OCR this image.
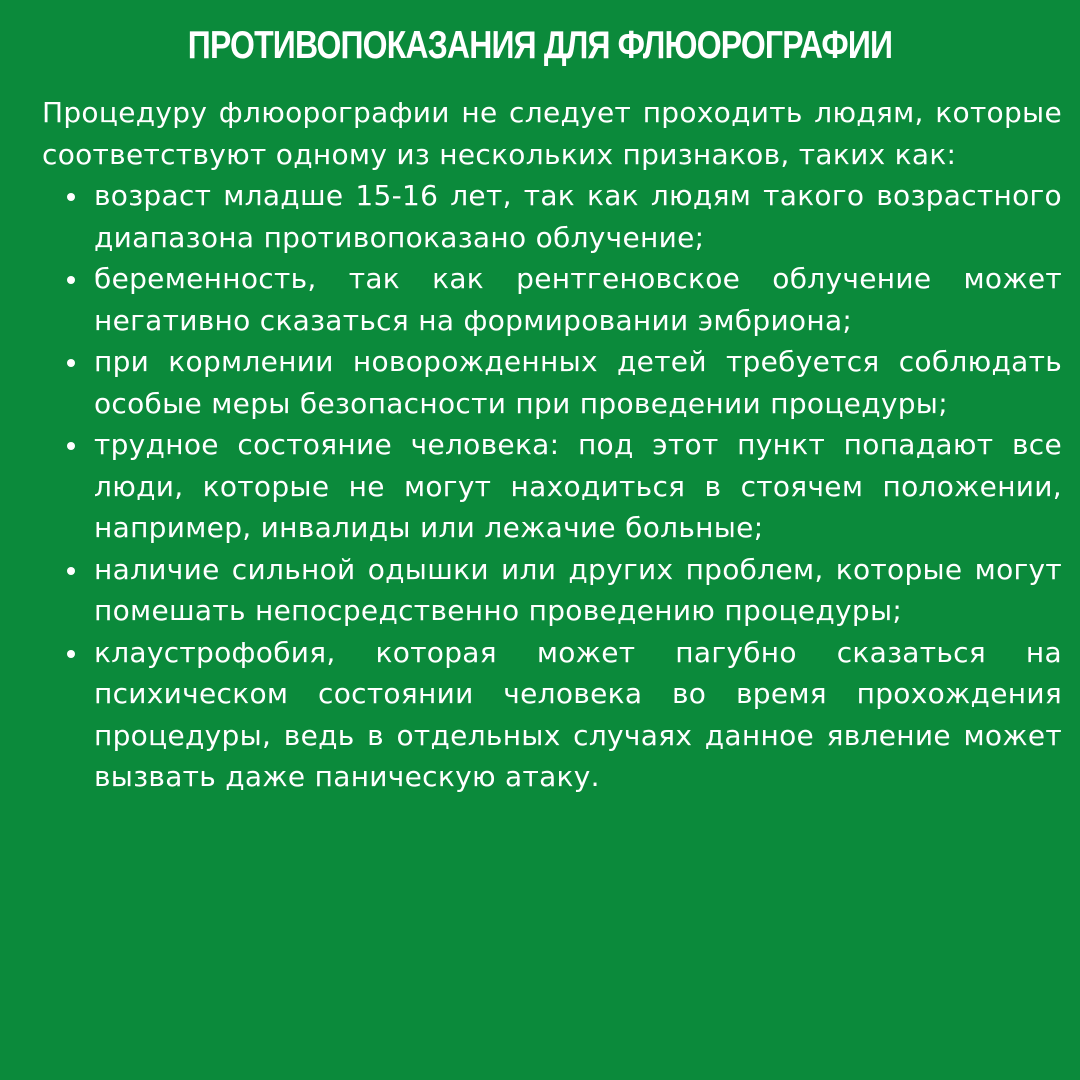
ПРОТИВОПОКАЗАНИЯ ДЛЯ ФЛЮОРОГРАФИИ

Процедуру флюорографии не следует проходить людям, которые соответствуют одному из нескольких признаков, таких как:

возраст младше 15-16 лет, так как людям такого возрастного диапазона противопоказано облучение;
беременность, так как рентгеновское облучение может негативно сказаться на формировании эмбриона;
при кормлении новорожденных детей требуется соблюдать особые меры безопасности при проведении процедуры;
трудное состояние человека: под этот пункт попадают все люди, которые не могут находиться в стоячем положении, например, инвалиды или лежачие больные;
наличие сильной одышки или других проблем, которые могут помешать непосредственно проведению процедуры;
клаустрофобия, которая может пагубно сказаться на психическом состоянии человека во время прохождения процедуры, ведь в отдельных случаях данное явление может вызвать даже паническую атаку.
